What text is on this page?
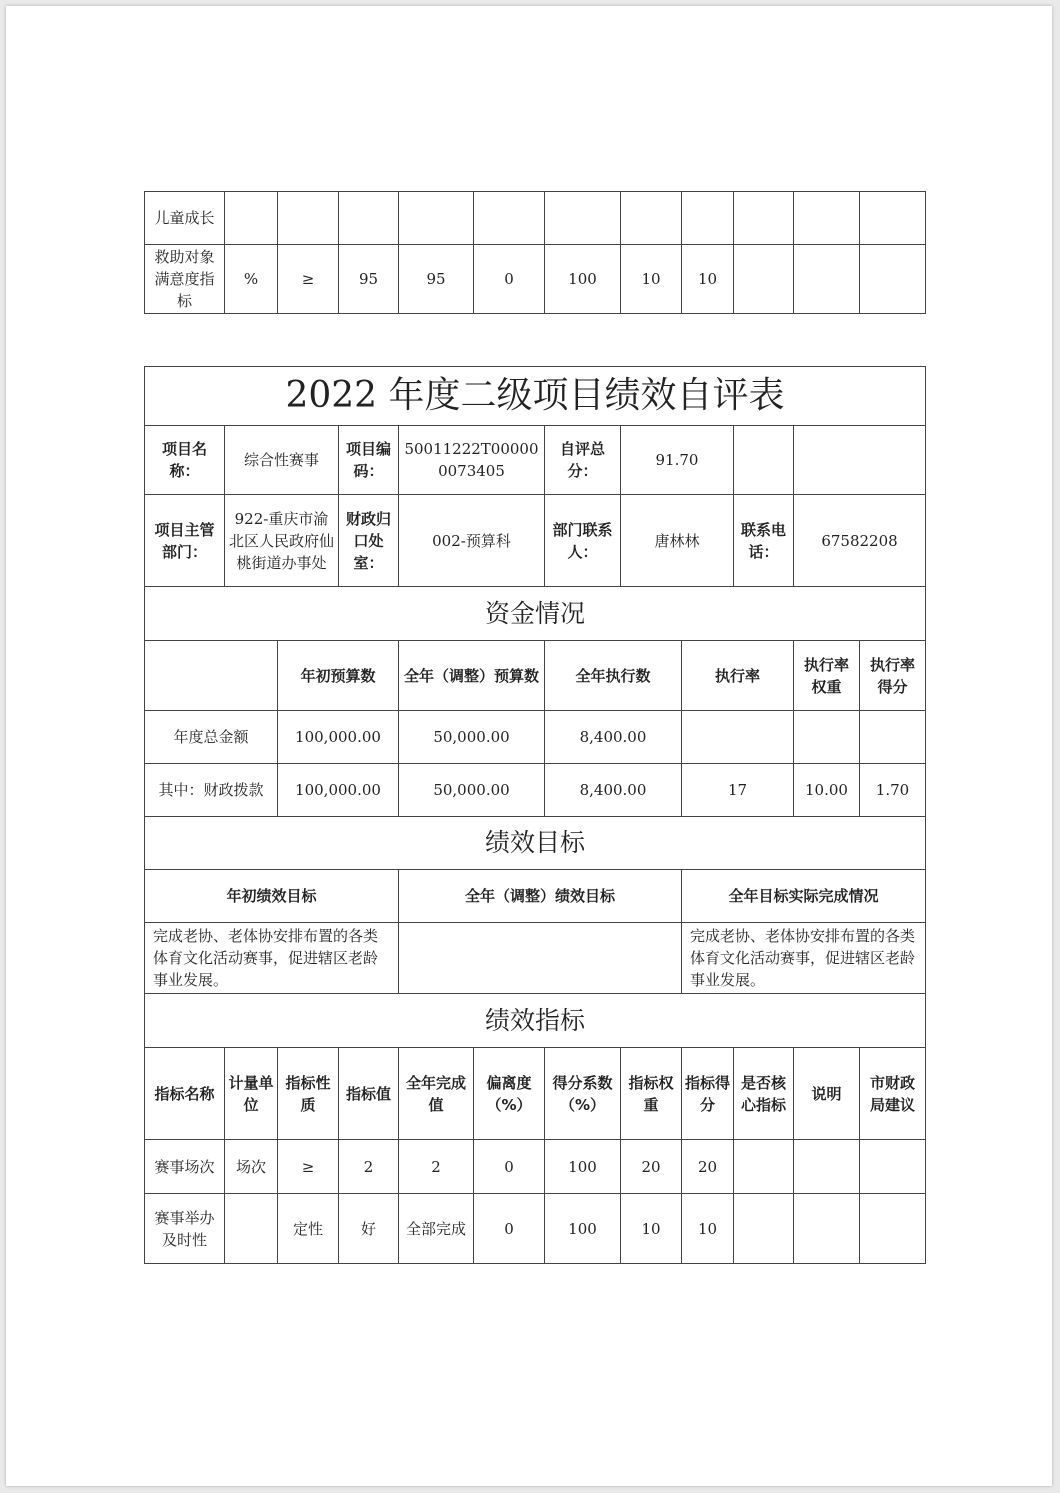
儿童成长											
救助对象满意度指标	%	≥	95	95	0	100	10	10			
2022 年度二级项目绩效自评表											
项目名称：	综合性赛事		项目编码：	50011222T000000073405		自评总分：	91.70				
项目主管部门：	922-重庆市渝北区人民政府仙桃街道办事处		财政归口处室：	002-预算科		部门联系人：	唐林林		联系电话：	67582208	
资金情况											
		年初预算数		全年（调整）预算数		全年执行数		执行率		执行率权重	执行率得分
年度总金额		100,000.00		50,000.00		8,400.00					
其中：财政拨款		100,000.00		50,000.00		8,400.00		17		10.00	1.70
绩效目标											
年初绩效目标				全年（调整）绩效目标				全年目标实际完成情况			
完成老协、老体协安排布置的各类体育文化活动赛事，促进辖区老龄事业发展。								完成老协、老体协安排布置的各类体育文化活动赛事，促进辖区老龄事业发展。			
绩效指标											
指标名称	计量单位	指标性质	指标值	全年完成值	偏离度（%）	得分系数（%）	指标权重	指标得分	是否核心指标	说明	市财政局建议
赛事场次	场次	≥	2	2	0	100	20	20			
赛事举办及时性		定性	好	全部完成	0	100	10	10			
